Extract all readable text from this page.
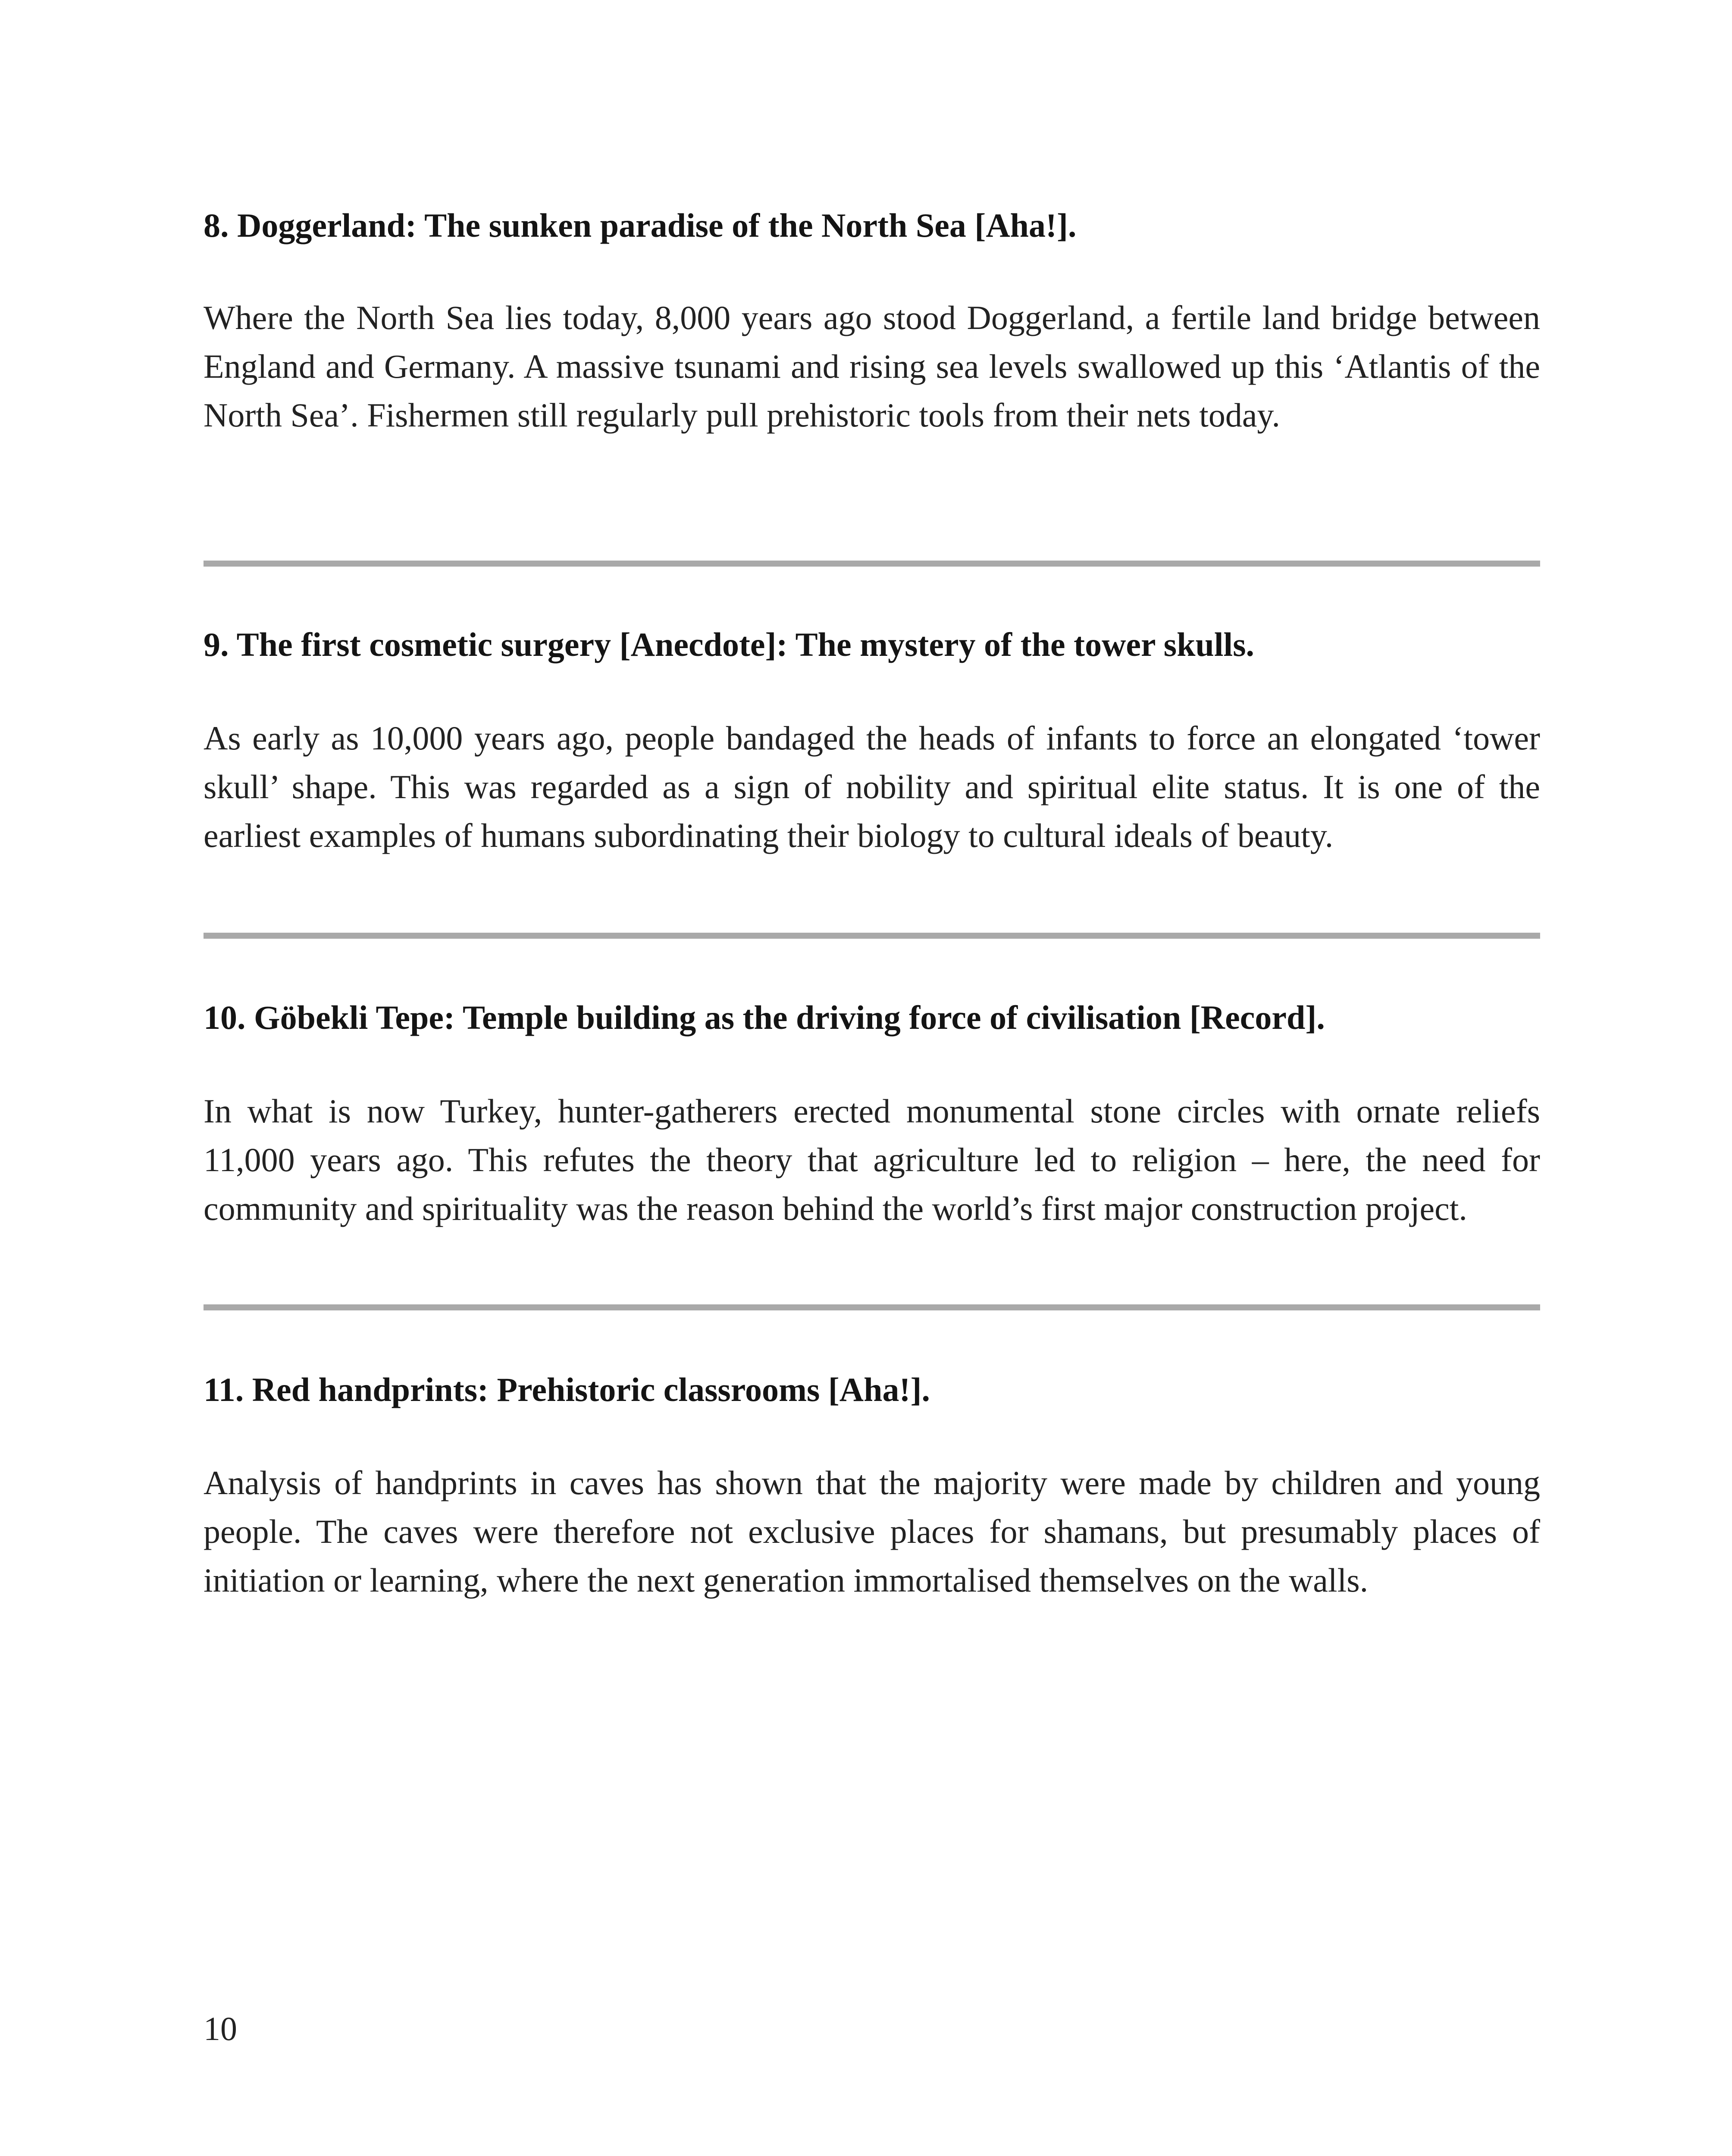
8. Doggerland: The sunken paradise of the North Sea [Aha!].

Where the North Sea lies today, 8,000 years ago stood Doggerland, a fertile land bridge between England and Germany. A massive tsunami and rising sea levels swallowed up this ‘Atlantis of the North Sea’. Fishermen still regularly pull prehistoric tools from their nets today.

9. The first cosmetic surgery [Anecdote]: The mystery of the tower skulls.

As early as 10,000 years ago, people bandaged the heads of infants to force an elongated ‘tower skull’ shape. This was regarded as a sign of nobility and spiritual elite status. It is one of the earliest examples of humans subordinating their biology to cultural ideals of beauty.

10. Göbekli Tepe: Temple building as the driving force of civilisation [Record].

In what is now Turkey, hunter-gatherers erected monumental stone circles with ornate reliefs 11,000 years ago. This refutes the theory that agriculture led to religion – here, the need for community and spirituality was the reason behind the world’s first major construction project.

11. Red handprints: Prehistoric classrooms [Aha!].

Analysis of handprints in caves has shown that the majority were made by children and young people. The caves were therefore not exclusive places for shamans, but presumably places of initiation or learning, where the next generation immortalised themselves on the walls.

10
